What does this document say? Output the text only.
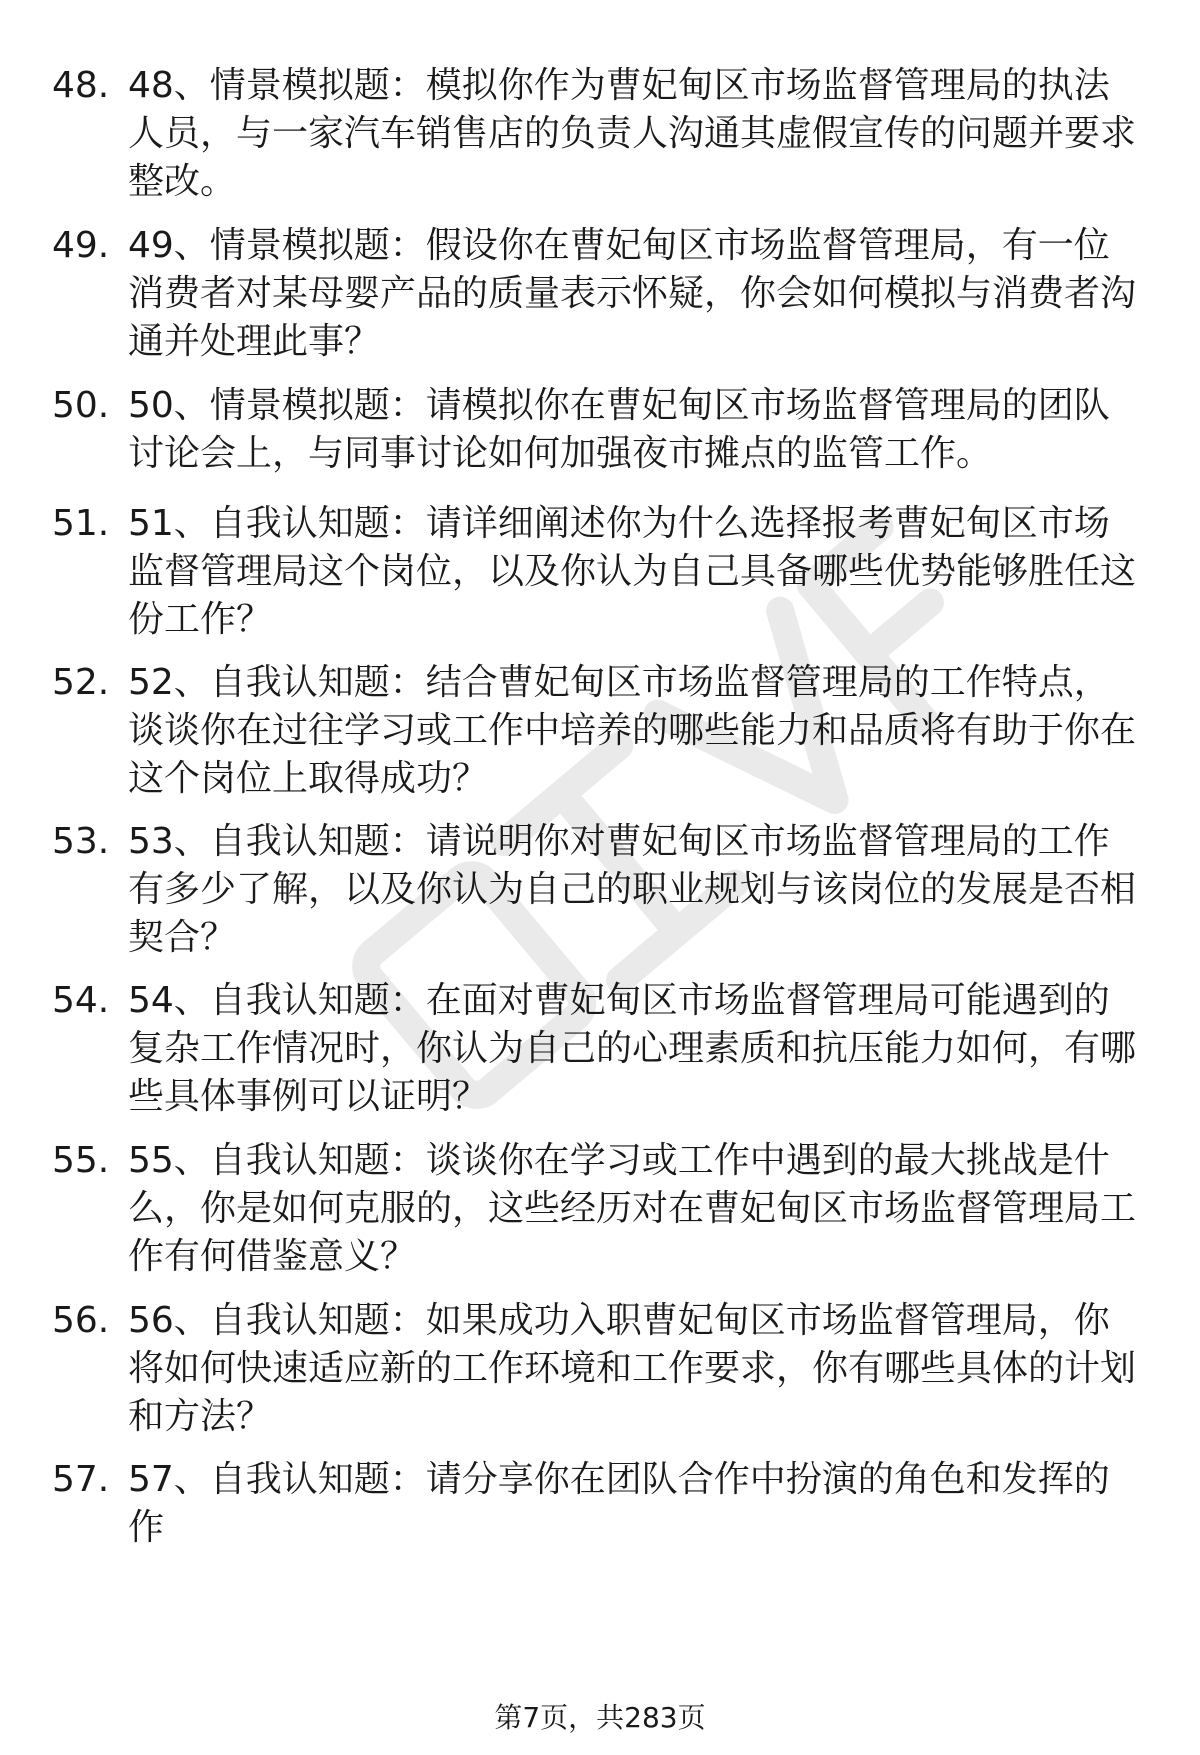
48. 48、情景模拟题：模拟你作为曹妃甸区市场监督管理局的执法人员，与一家汽车销售店的负责人沟通其虚假宣传的问题并要求整改。
49. 49、情景模拟题：假设你在曹妃甸区市场监督管理局，有一位消费者对某母婴产品的质量表示怀疑，你会如何模拟与消费者沟通并处理此事？
50. 50、情景模拟题：请模拟你在曹妃甸区市场监督管理局的团队讨论会上，与同事讨论如何加强夜市摊点的监管工作。
51. 51、自我认知题：请详细阐述你为什么选择报考曹妃甸区市场监督管理局这个岗位，以及你认为自己具备哪些优势能够胜任这份工作？
52. 52、自我认知题：结合曹妃甸区市场监督管理局的工作特点，谈谈你在过往学习或工作中培养的哪些能力和品质将有助于你在这个岗位上取得成功？
53. 53、自我认知题：请说明你对曹妃甸区市场监督管理局的工作有多少了解，以及你认为自己的职业规划与该岗位的发展是否相契合？
54. 54、自我认知题：在面对曹妃甸区市场监督管理局可能遇到的复杂工作情况时，你认为自己的心理素质和抗压能力如何，有哪些具体事例可以证明？
55. 55、自我认知题：谈谈你在学习或工作中遇到的最大挑战是什么，你是如何克服的，这些经历对在曹妃甸区市场监督管理局工作有何借鉴意义？
56. 56、自我认知题：如果成功入职曹妃甸区市场监督管理局，你将如何快速适应新的工作环境和工作要求，你有哪些具体的计划和方法？
57. 57、自我认知题：请分享你在团队合作中扮演的角色和发挥的作
第7页，共283页
